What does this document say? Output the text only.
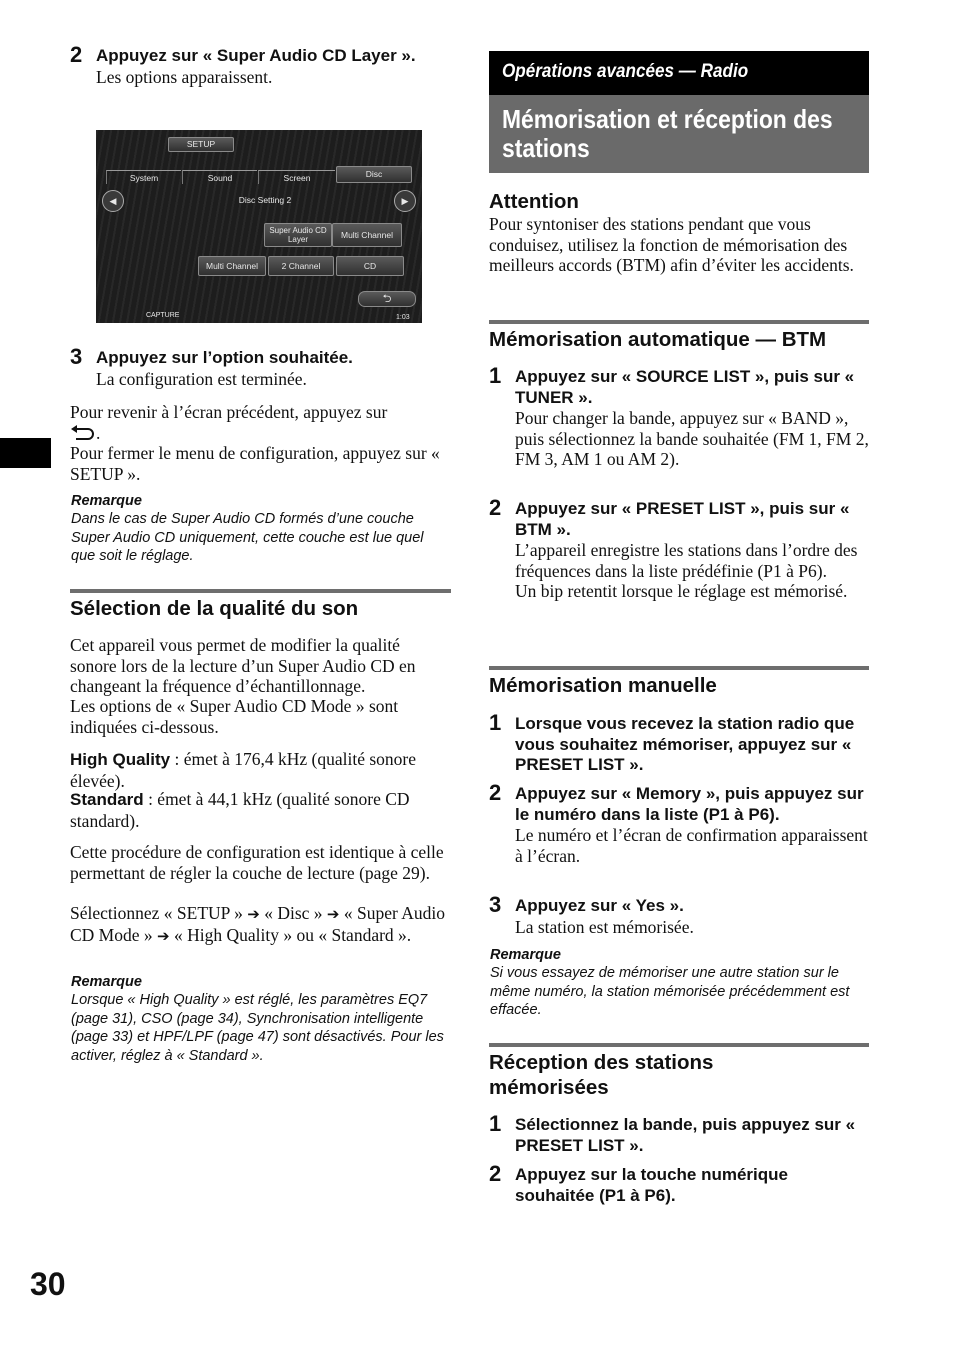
2 Appuyez sur « Super Audio CD Layer ».
Les options apparaissent.
SETUP
System	Sound	Screen	Disc
◀	▶
Disc Setting 2
Super Audio CD Layer	Multi Channel
Multi Channel	2 Channel	CD
⮌
CAPTURE	1:03
3 Appuyez sur l’option souhaitée.
La configuration est terminée.
Pour revenir à l’écran précédent, appuyez sur
.
Pour fermer le menu de configuration, appuyez sur « SETUP ».
Remarque
Dans le cas de Super Audio CD formés d’une couche Super Audio CD uniquement, cette couche est lue quel que soit le réglage.
Sélection de la qualité du son
Cet appareil vous permet de modifier la qualité sonore lors de la lecture d’un Super Audio CD en changeant la fréquence d’échantillonnage.
Les options de « Super Audio CD Mode » sont indiquées ci-dessous.
High Quality : émet à 176,4 kHz (qualité sonore élevée).
Standard : émet à 44,1 kHz (qualité sonore CD standard).
Cette procédure de configuration est identique à celle permettant de régler la couche de lecture (page 29).
Sélectionnez « SETUP » ➔ « Disc » ➔ « Super Audio CD Mode » ➔ « High Quality » ou « Standard ».
Remarque
Lorsque « High Quality » est réglé, les paramètres EQ7 (page 31), CSO (page 34), Synchronisation intelligente (page 33) et HPF/LPF (page 47) sont désactivés. Pour les activer, réglez à « Standard ».
30
Opérations avancées — Radio
Mémorisation et réception des stations
Attention
Pour syntoniser des stations pendant que vous conduisez, utilisez la fonction de mémorisation des meilleurs accords (BTM) afin d’éviter les accidents.
Mémorisation automatique — BTM
1 Appuyez sur « SOURCE LIST », puis sur « TUNER ».
Pour changer la bande, appuyez sur « BAND », puis sélectionnez la bande souhaitée (FM 1, FM 2, FM 3, AM 1 ou AM 2).
2 Appuyez sur « PRESET LIST », puis sur « BTM ».
L’appareil enregistre les stations dans l’ordre des fréquences dans la liste prédéfinie (P1 à P6).
Un bip retentit lorsque le réglage est mémorisé.
Mémorisation manuelle
1 Lorsque vous recevez la station radio que vous souhaitez mémoriser, appuyez sur « PRESET LIST ».
2 Appuyez sur « Memory », puis appuyez sur le numéro dans la liste (P1 à P6).
Le numéro et l’écran de confirmation apparaissent à l’écran.
3 Appuyez sur « Yes ».
La station est mémorisée.
Remarque
Si vous essayez de mémoriser une autre station sur le même numéro, la station mémorisée précédemment est effacée.
Réception des stations mémorisées
1 Sélectionnez la bande, puis appuyez sur « PRESET LIST ».
2 Appuyez sur la touche numérique souhaitée (P1 à P6).
